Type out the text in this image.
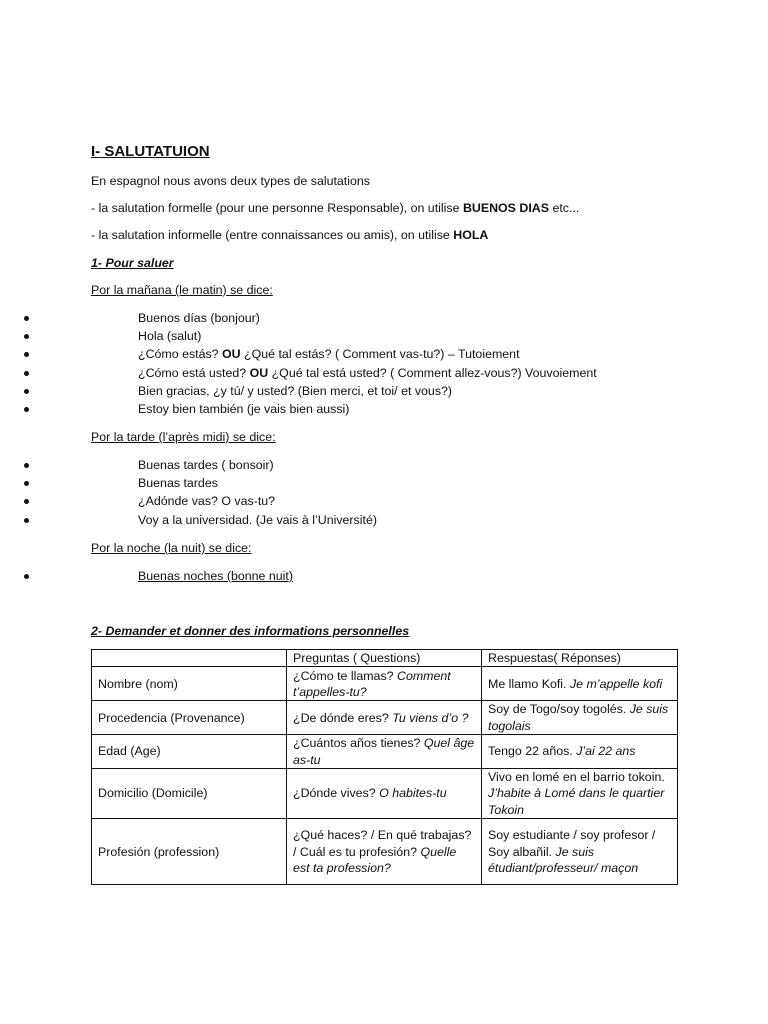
I- SALUTATUION
En espagnol nous avons deux types de salutations
- la salutation formelle (pour une personne Responsable), on utilise BUENOS DIAS etc...
- la salutation informelle (entre connaissances ou amis), on utilise HOLA
1- Pour saluer
Por la mañana (le matin) se dice:
Buenos días (bonjour)
Hola (salut)
¿Cómo estás? OU ¿Qué tal estás? ( Comment vas-tu?) – Tutoiement
¿Cómo está usted? OU ¿Qué tal está usted? ( Comment allez-vous?) Vouvoiement
Bien gracias, ¿y tú/ y usted? (Bien merci, et toi/ et vous?)
Estoy bien también (je vais bien aussi)
Por la tarde (l’après midi) se dice:
Buenas tardes ( bonsoir)
Buenas tardes
¿Adónde vas? O vas-tu?
Voy a la universidad. (Je vais à l’Université)
Por la noche (la nuit) se dice:
Buenas noches (bonne nuit)
2- Demander et donner des informations personnelles
	Preguntas ( Questions)	Respuestas( Réponses)
Nombre (nom)	¿Cómo te llamas? Comment t’appelles-tu?	Me llamo Kofi. Je m’appelle kofi
Procedencia (Provenance)	¿De dónde eres? Tu viens d’o ?	Soy de Togo/soy togolés. Je suis togolais
Edad (Age)	¿Cuántos años tienes? Quel âge as-tu	Tengo 22 años. J’ai 22 ans
Domicilio (Domicile)	¿Dónde vives? O habites-tu	Vivo en lomé en el barrio tokoin. J’habite à Lomé dans le quartier Tokoin
Profesión (profession)	¿Qué haces? / En qué trabajas? / Cuál es tu profesión? Quelle est ta profession?	Soy estudiante / soy profesor / Soy albañil. Je suis étudiant/professeur/ maçon
